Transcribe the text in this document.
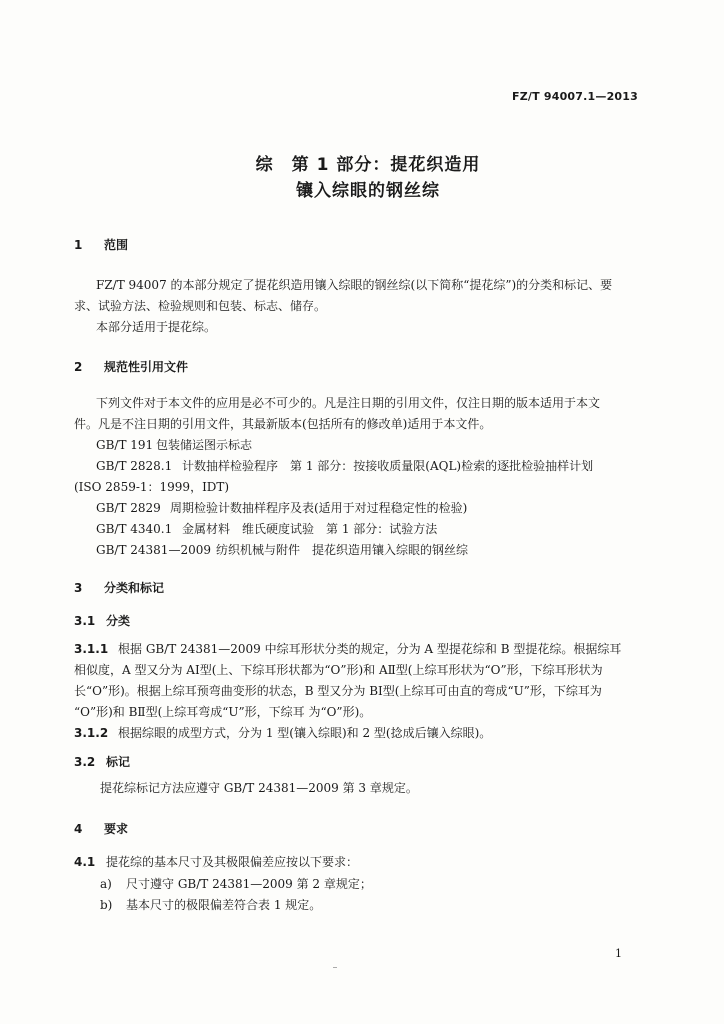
FZ/T 94007.1—2013
综　第 1 部分：提花织造用
镶入综眼的钢丝综
1 范围
FZ/T 94007 的本部分规定了提花织造用镶入综眼的钢丝综(以下简称“提花综”)的分类和标记、要
求、试验方法、检验规则和包装、标志、储存。
本部分适用于提花综。
2 规范性引用文件
下列文件对于本文件的应用是必不可少的。凡是注日期的引用文件，仅注日期的版本适用于本文
件。凡是不注日期的引用文件，其最新版本(包括所有的修改单)适用于本文件。
GB/T 191 包装储运图示标志
GB/T 2828.1 计数抽样检验程序　第 1 部分：按接收质量限(AQL)检索的逐批检验抽样计划
(ISO 2859-1：1999，IDT)
GB/T 2829 周期检验计数抽样程序及表(适用于对过程稳定性的检验)
GB/T 4340.1 金属材料　维氏硬度试验　第 1 部分：试验方法
GB/T 24381—2009 纺织机械与附件　提花织造用镶入综眼的钢丝综
3 分类和标记
3.1 分类
3.1.1 根据 GB/T 24381—2009 中综耳形状分类的规定，分为 A 型提花综和 B 型提花综。根据综耳
相似度，A 型又分为 AⅠ型(上、下综耳形状都为“O”形)和 AⅡ型(上综耳形状为“O”形，下综耳形状为
长“O”形)。根据上综耳预弯曲变形的状态，B 型又分为 BⅠ型(上综耳可由直的弯成“U”形，下综耳为
“O”形)和 BⅡ型(上综耳弯成“U”形，下综耳 为“O”形)。
3.1.2 根据综眼的成型方式，分为 1 型(镶入综眼)和 2 型(捻成后镶入综眼)。
3.2 标记
提花综标记方法应遵守 GB/T 24381—2009 第 3 章规定。
4 要求
4.1 提花综的基本尺寸及其极限偏差应按以下要求：
a) 尺寸遵守 GB/T 24381—2009 第 2 章规定；
b) 基本尺寸的极限偏差符合表 1 规定。
1
